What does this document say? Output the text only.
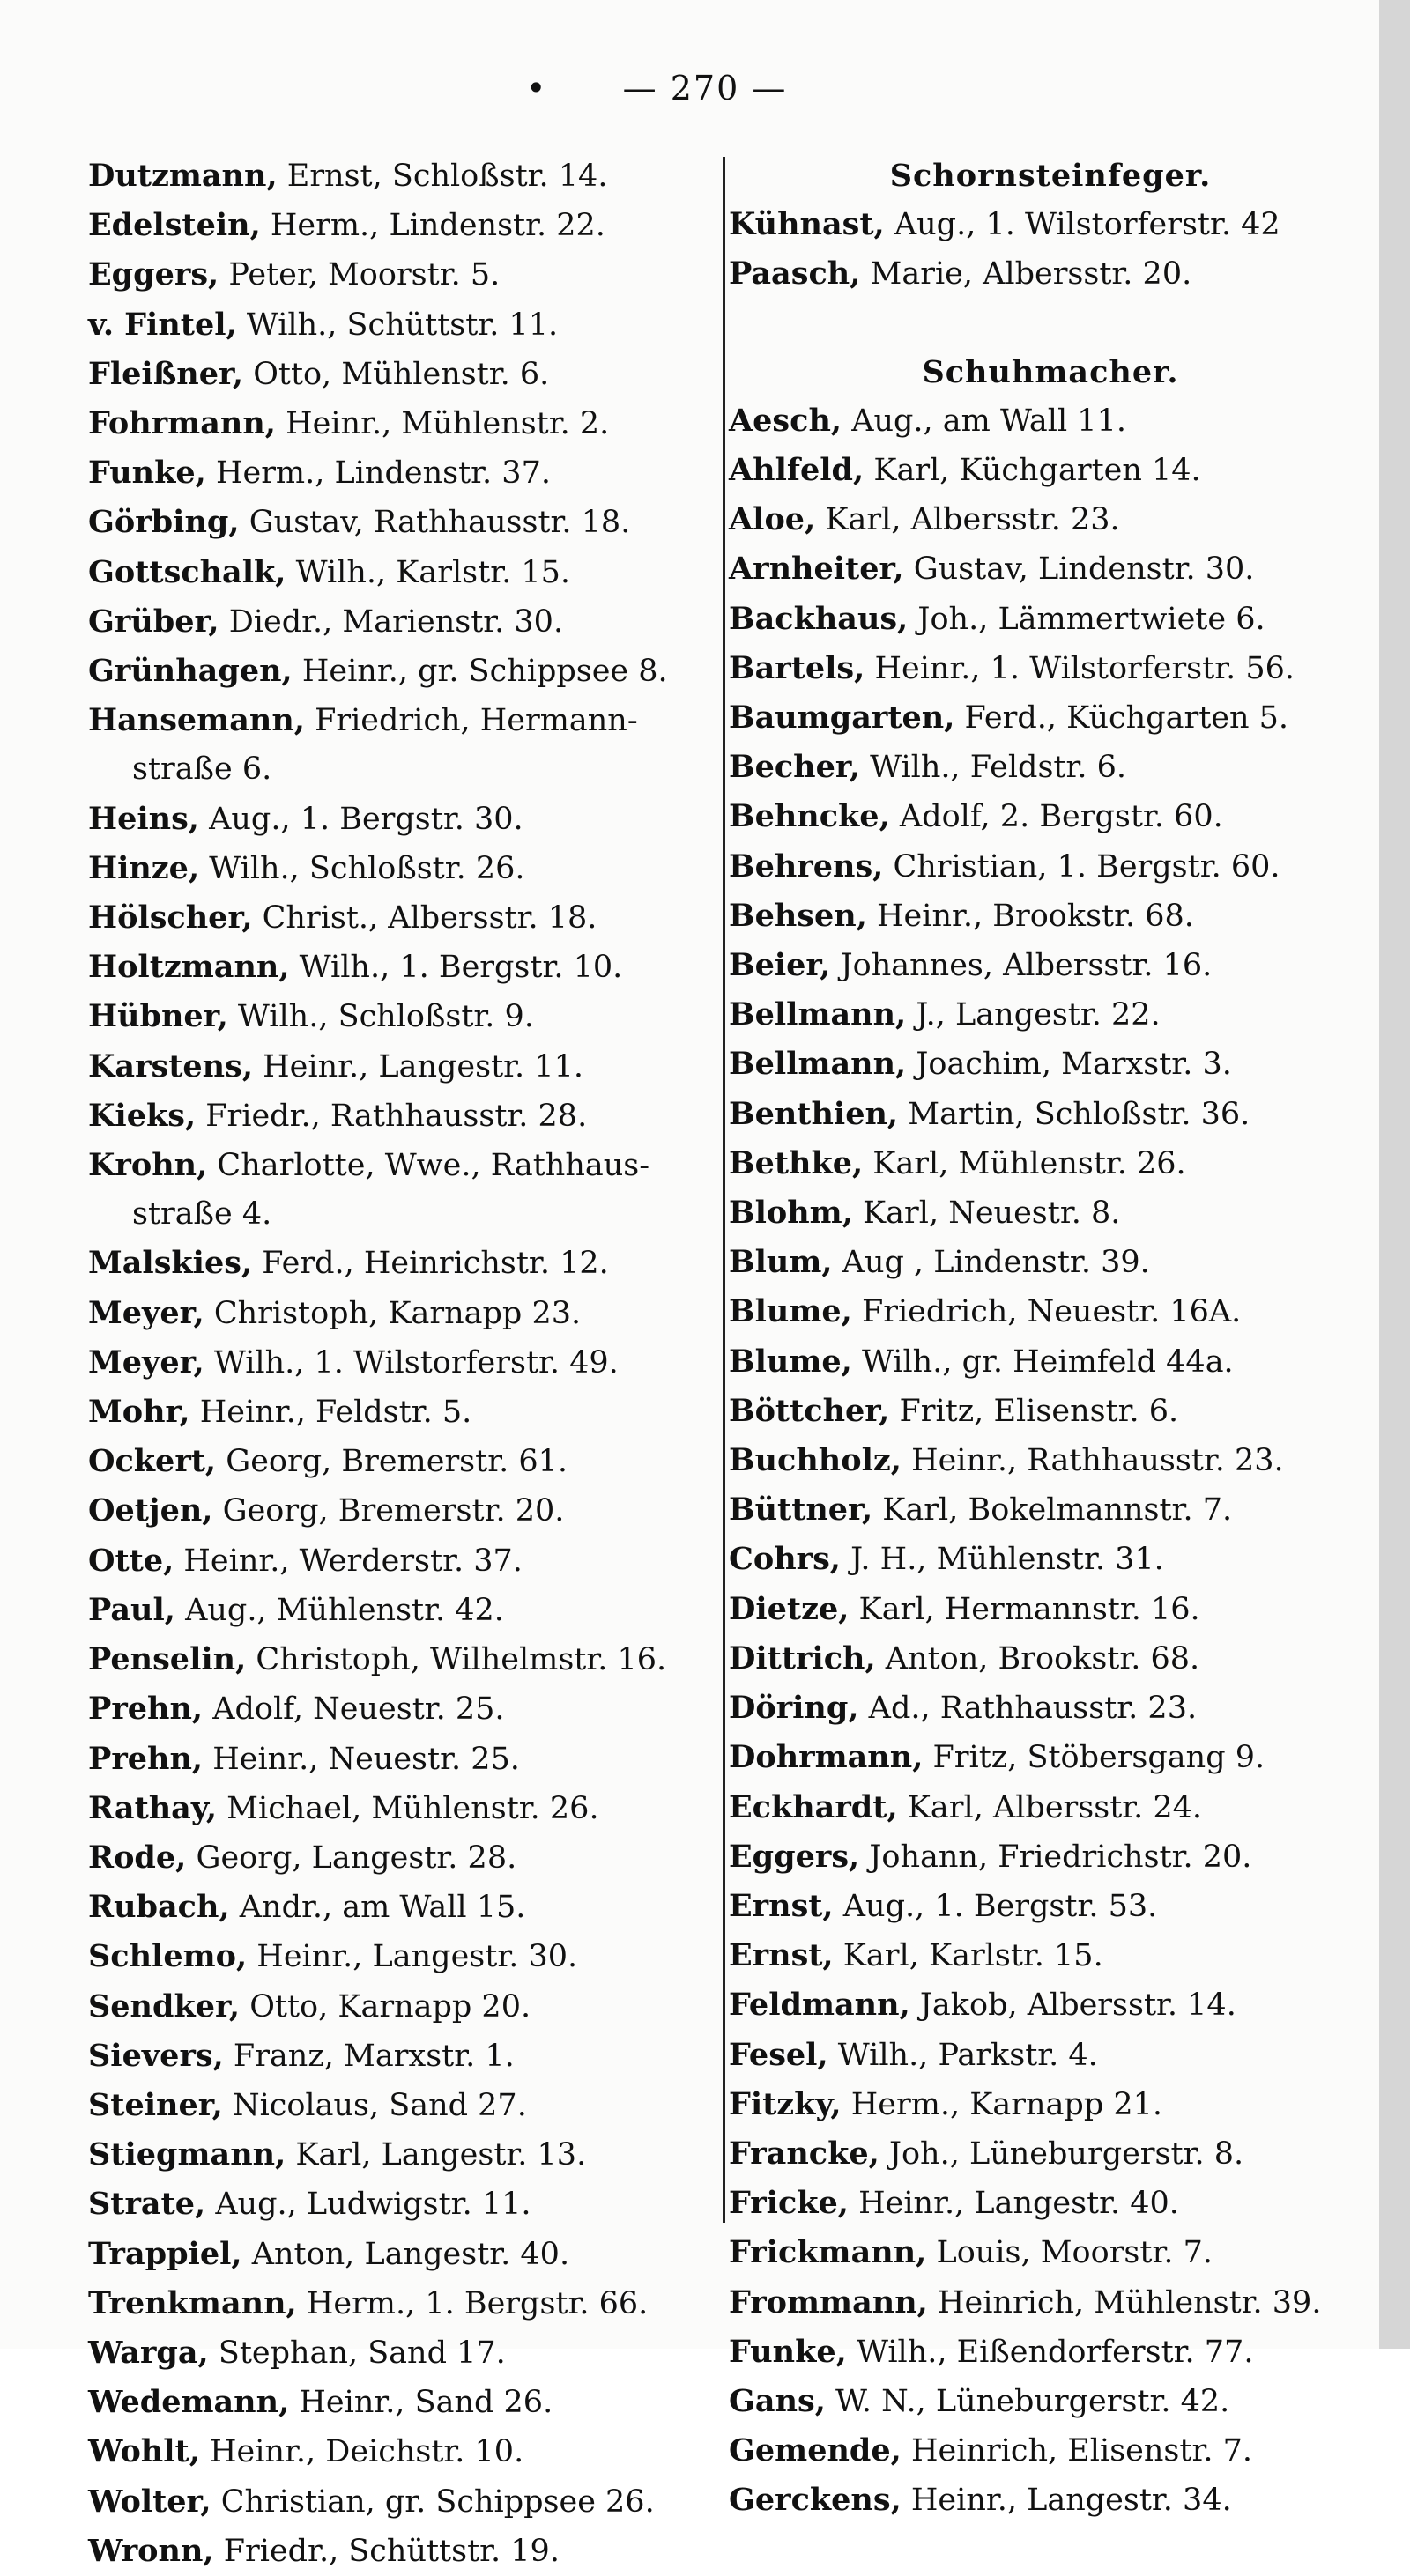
•	— 270 —
Dutzmann, Ernst, Schloßstr. 14.
Edelstein, Herm., Lindenstr. 22.
Eggers, Peter, Moorstr. 5.
v. Fintel, Wilh., Schüttstr. 11.
Fleißner, Otto, Mühlenstr. 6.
Fohrmann, Heinr., Mühlenstr. 2.
Funke, Herm., Lindenstr. 37.
Görbing, Gustav, Rathhausstr. 18.
Gottschalk, Wilh., Karlstr. 15.
Grüber, Diedr., Marienstr. 30.
Grünhagen, Heinr., gr. Schippsee 8.
Hansemann, Friedrich, Hermann-
straße 6.
Heins, Aug., 1. Bergstr. 30.
Hinze, Wilh., Schloßstr. 26.
Hölscher, Christ., Albersstr. 18.
Holtzmann, Wilh., 1. Bergstr. 10.
Hübner, Wilh., Schloßstr. 9.
Karstens, Heinr., Langestr. 11.
Kieks, Friedr., Rathhausstr. 28.
Krohn, Charlotte, Wwe., Rathhaus-
straße 4.
Malskies, Ferd., Heinrichstr. 12.
Meyer, Christoph, Karnapp 23.
Meyer, Wilh., 1. Wilstorferstr. 49.
Mohr, Heinr., Feldstr. 5.
Ockert, Georg, Bremerstr. 61.
Oetjen, Georg, Bremerstr. 20.
Otte, Heinr., Werderstr. 37.
Paul, Aug., Mühlenstr. 42.
Penselin, Christoph, Wilhelmstr. 16.
Prehn, Adolf, Neuestr. 25.
Prehn, Heinr., Neuestr. 25.
Rathay, Michael, Mühlenstr. 26.
Rode, Georg, Langestr. 28.
Rubach, Andr., am Wall 15.
Schlemo, Heinr., Langestr. 30.
Sendker, Otto, Karnapp 20.
Sievers, Franz, Marxstr. 1.
Steiner, Nicolaus, Sand 27.
Stiegmann, Karl, Langestr. 13.
Strate, Aug., Ludwigstr. 11.
Trappiel, Anton, Langestr. 40.
Trenkmann, Herm., 1. Bergstr. 66.
Warga, Stephan, Sand 17.
Wedemann, Heinr., Sand 26.
Wohlt, Heinr., Deichstr. 10.
Wolter, Christian, gr. Schippsee 26.
Wronn, Friedr., Schüttstr. 19.
Schornsteinfeger.
Kühnast, Aug., 1. Wilstorferstr. 42
Paasch, Marie, Albersstr. 20.
Schuhmacher.
Aesch, Aug., am Wall 11.
Ahlfeld, Karl, Küchgarten 14.
Aloe, Karl, Albersstr. 23.
Arnheiter, Gustav, Lindenstr. 30.
Backhaus, Joh., Lämmertwiete 6.
Bartels, Heinr., 1. Wilstorferstr. 56.
Baumgarten, Ferd., Küchgarten 5.
Becher, Wilh., Feldstr. 6.
Behncke, Adolf, 2. Bergstr. 60.
Behrens, Christian, 1. Bergstr. 60.
Behsen, Heinr., Brookstr. 68.
Beier, Johannes, Albersstr. 16.
Bellmann, J., Langestr. 22.
Bellmann, Joachim, Marxstr. 3.
Benthien, Martin, Schloßstr. 36.
Bethke, Karl, Mühlenstr. 26.
Blohm, Karl, Neuestr. 8.
Blum, Aug , Lindenstr. 39.
Blume, Friedrich, Neuestr. 16A.
Blume, Wilh., gr. Heimfeld 44a.
Böttcher, Fritz, Elisenstr. 6.
Buchholz, Heinr., Rathhausstr. 23.
Büttner, Karl, Bokelmannstr. 7.
Cohrs, J. H., Mühlenstr. 31.
Dietze, Karl, Hermannstr. 16.
Dittrich, Anton, Brookstr. 68.
Döring, Ad., Rathhausstr. 23.
Dohrmann, Fritz, Stöbersgang 9.
Eckhardt, Karl, Albersstr. 24.
Eggers, Johann, Friedrichstr. 20.
Ernst, Aug., 1. Bergstr. 53.
Ernst, Karl, Karlstr. 15.
Feldmann, Jakob, Albersstr. 14.
Fesel, Wilh., Parkstr. 4.
Fitzky, Herm., Karnapp 21.
Francke, Joh., Lüneburgerstr. 8.
Fricke, Heinr., Langestr. 40.
Frickmann, Louis, Moorstr. 7.
Frommann, Heinrich, Mühlenstr. 39.
Funke, Wilh., Eißendorferstr. 77.
Gans, W. N., Lüneburgerstr. 42.
Gemende, Heinrich, Elisenstr. 7.
Gerckens, Heinr., Langestr. 34.
